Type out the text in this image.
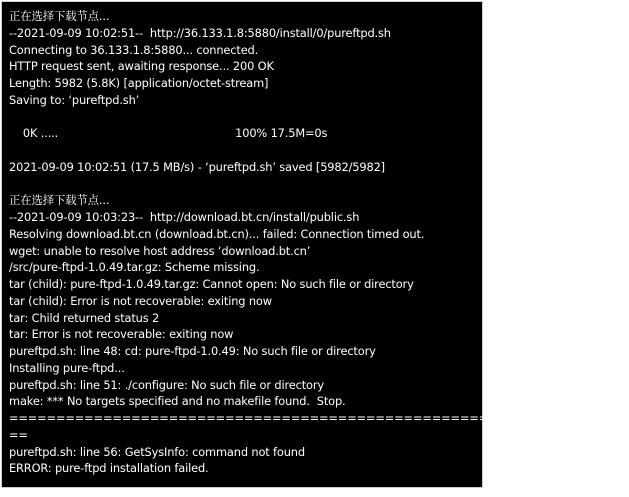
正在选择下载节点...
--2021-09-09 10:02:51--  http://36.133.1.8:5880/install/0/pureftpd.sh
Connecting to 36.133.1.8:5880... connected.
HTTP request sent, awaiting response... 200 OK
Length: 5982 (5.8K) [application/octet-stream]
Saving to: ‘pureftpd.sh’
0K .....                                                   100% 17.5M=0s
2021-09-09 10:02:51 (17.5 MB/s) - ‘pureftpd.sh’ saved [5982/5982]
正在选择下载节点...
--2021-09-09 10:03:23--  http://download.bt.cn/install/public.sh
Resolving download.bt.cn (download.bt.cn)... failed: Connection timed out.
wget: unable to resolve host address ‘download.bt.cn’
/src/pure-ftpd-1.0.49.tar.gz: Scheme missing.
tar (child): pure-ftpd-1.0.49.tar.gz: Cannot open: No such file or directory
tar (child): Error is not recoverable: exiting now
tar: Child returned status 2
tar: Error is not recoverable: exiting now
pureftpd.sh: line 48: cd: pure-ftpd-1.0.49: No such file or directory
Installing pure-ftpd...
pureftpd.sh: line 51: ./configure: No such file or directory
make: *** No targets specified and no makefile found.  Stop.
==================================================================
==
pureftpd.sh: line 56: GetSysInfo: command not found
ERROR: pure-ftpd installation failed.
